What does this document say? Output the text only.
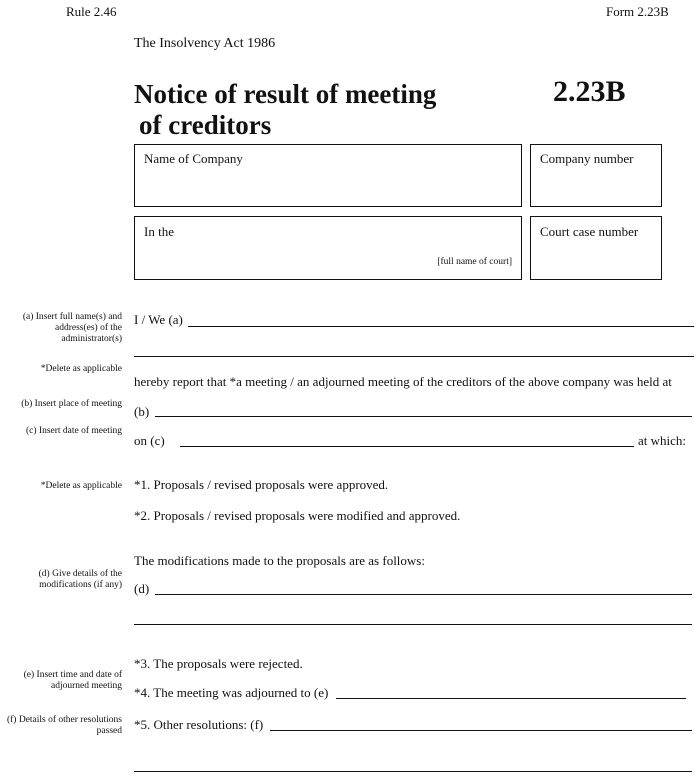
Rule 2.46	Form 2.23B
The Insolvency Act 1986
Notice of result of meeting
of creditors
2.23B
Name of Company	Company number
In the
[full name of court]
Court case number
(a) Insert full name(s) and address(es) of the administrator(s)
*Delete as applicable
(b) Insert place of meeting
(c) Insert date of meeting
*Delete as applicable
(d) Give details of the modifications (if any)
(e) Insert time and date of adjourned meeting
(f) Details of other resolutions passed
I / We (a)
hereby report that *a meeting / an adjourned meeting of the creditors of the above company was held at
(b)
on (c)	at which:
*1. Proposals / revised proposals were approved.
*2. Proposals / revised proposals were modified and approved.
The modifications made to the proposals are as follows:
(d)
*3. The proposals were rejected.
*4. The meeting was adjourned to (e)
*5. Other resolutions: (f)
